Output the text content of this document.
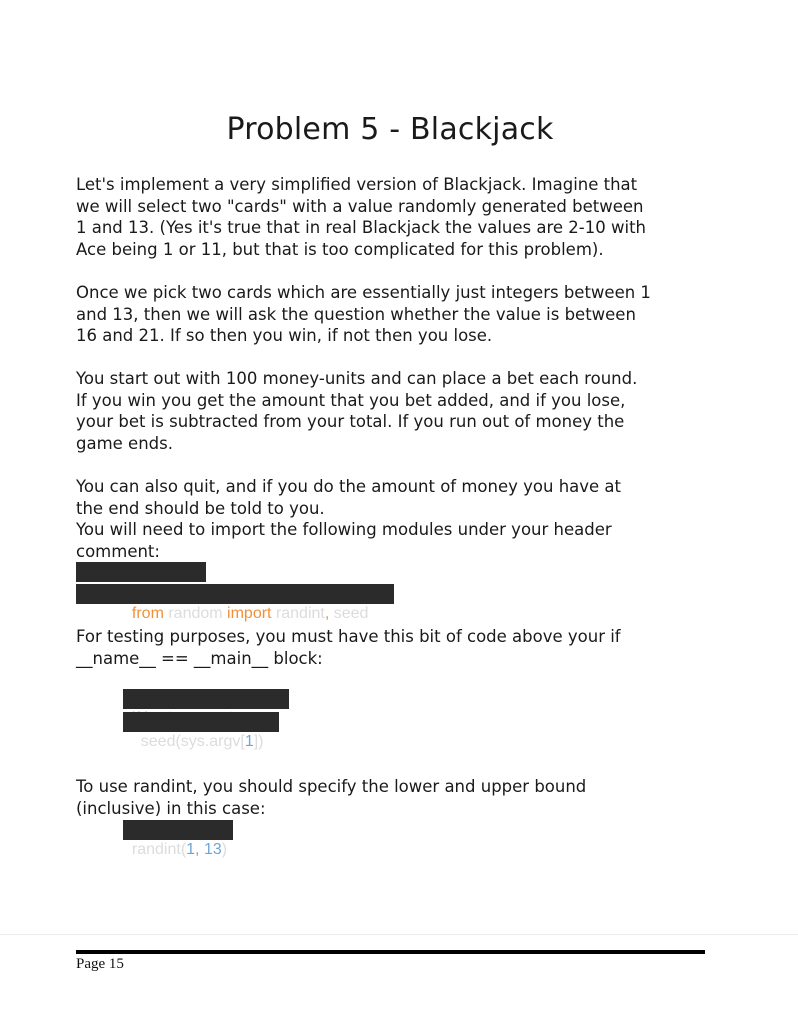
Problem 5 - Blackjack

Let's implement a very simplified version of Blackjack. Imagine that
we will select two "cards" with a value randomly generated between
1 and 13. (Yes it's true that in real Blackjack the values are 2-10 with
Ace being 1 or 11, but that is too complicated for this problem).

Once we pick two cards which are essentially just integers between 1
and 13, then we will ask the question whether the value is between
16 and 21. If so then you win, if not then you lose.

You start out with 100 money-units and can place a bet each round.
If you win you get the amount that you bet added, and if you lose,
your bet is subtracted from your total. If you run out of money the
game ends.

You can also quit, and if you do the amount of money you have at
the end should be told to you.
You will need to import the following modules under your header
comment:

from random import randint, seed

For testing purposes, you must have this bit of code above your if
__name__ == __main__ block:

seed(sys.argv[1])

To use randint, you should specify the lower and upper bound
(inclusive) in this case:

randint(1, 13)

Page 15
